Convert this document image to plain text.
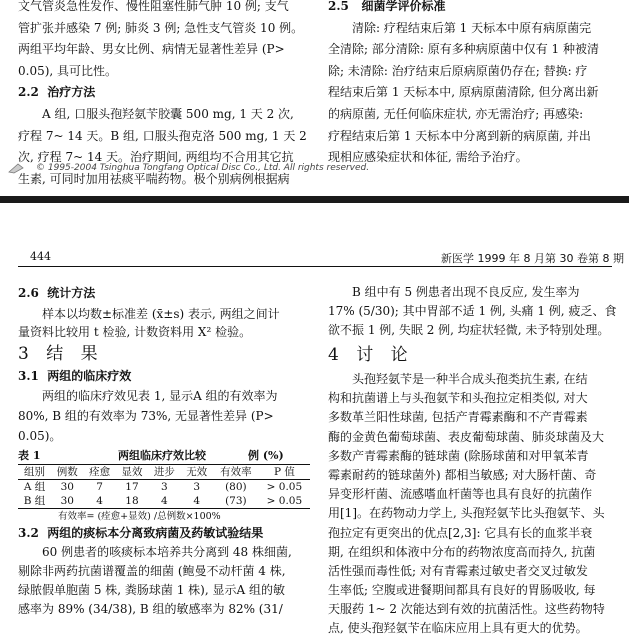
文气管炎急性发作、慢性阻塞性肺气肿 10 例; 支气
管扩张并感染 7 例; 肺炎 3 例; 急性支气管炎 10 例。
两组平均年龄、男女比例、病情无显著性差异 (P>
0.05), 具可比性。
2.2 治疗方法
A 组, 口服头孢羟氨苄胶囊 500 mg, 1 天 2 次,
疗程 7~ 14 天。B 组, 口服头孢克洛 500 mg, 1 天 2
次, 疗程 7~ 14 天。治疗期间, 两组均不合用其它抗
生素, 可同时加用祛痰平喘药物。极个别病例根据病
2.5 细菌学评价标准
清除: 疗程结束后第 1 天标本中原有病原菌完
全清除; 部分清除: 原有多种病原菌中仅有 1 种被清
除; 未清除: 治疗结束后原病原菌仍存在; 替换: 疗
程结束后第 1 天标本中, 原病原菌清除, 但分离出新
的病原菌, 无任何临床症状, 亦无需治疗; 再感染:
疗程结束后第 1 天标本中分离到新的病原菌, 并出
现相应感染症状和体征, 需给予治疗。
© 1995-2004 Tsinghua Tongfang Optical Disc Co., Ltd. All rights reserved.
444	新医学 1999 年 8 月第 30 卷第 8 期
2.6 统计方法
样本以均数±标准差 (x̄±s) 表示, 两组之间计
量资料比较用 t 检验, 计数资料用 X² 检验。
3 结 果
3.1 两组的临床疗效
两组的临床疗效见表 1, 显示A 组的有效率为
80%, B 组的有效率为 73%, 无显著性差异 (P>
0.05)。
表 1	两组临床疗效比较	例 (%)
组别	例数	痊愈	显效	进步	无效	有效率	P 值
A 组	30	7	17	3	3	(80)	> 0.05
B 组	30	4	18	4	4	(73)	> 0.05
有效率= (痊愈+显效) /总例数×100%
3.2 两组的痰标本分离致病菌及药敏试验结果
60 例患者的咳痰标本培养共分离到 48 株细菌,
剔除非两药抗菌谱覆盖的细菌 (鲍曼不动杆菌 4 株,
绿脓假单胞菌 5 株, 粪肠球菌 1 株), 显示A 组的敏
感率为 89% (34/38), B 组的敏感率为 82% (31/
B 组中有 5 例患者出现不良反应, 发生率为
17% (5/30); 其中胃部不适 1 例, 头痛 1 例, 疲乏、食
欲不振 1 例, 失眠 2 例, 均症状轻微, 未予特别处理。
4 讨 论
头孢羟氨苄是一种半合成头孢类抗生素, 在结
构和抗菌谱上与头孢氨苄和头孢拉定相类似, 对大
多数革兰阳性球菌, 包括产青霉素酶和不产青霉素
酶的金黄色葡萄球菌、表皮葡萄球菌、肺炎球菌及大
多数产青霉素酶的链球菌 (除肠球菌和对甲氧苯青
霉素耐药的链球菌外) 都相当敏感; 对大肠杆菌、奇
异变形杆菌、流感嗜血杆菌等也具有良好的抗菌作
用[1]。在药物动力学上, 头孢羟氨苄比头孢氨苄、头
孢拉定有更突出的优点[2,3]: 它具有长的血浆半衰
期, 在组织和体液中分布的药物浓度高而持久, 抗菌
活性强而毒性低; 对有青霉素过敏史者交叉过敏发
生率低; 空腹或进餐期间都具有良好的胃肠吸收, 每
天服药 1~ 2 次能达到有效的抗菌活性。这些药物特
点, 使头孢羟氨苄在临床应用上具有更大的优势。
